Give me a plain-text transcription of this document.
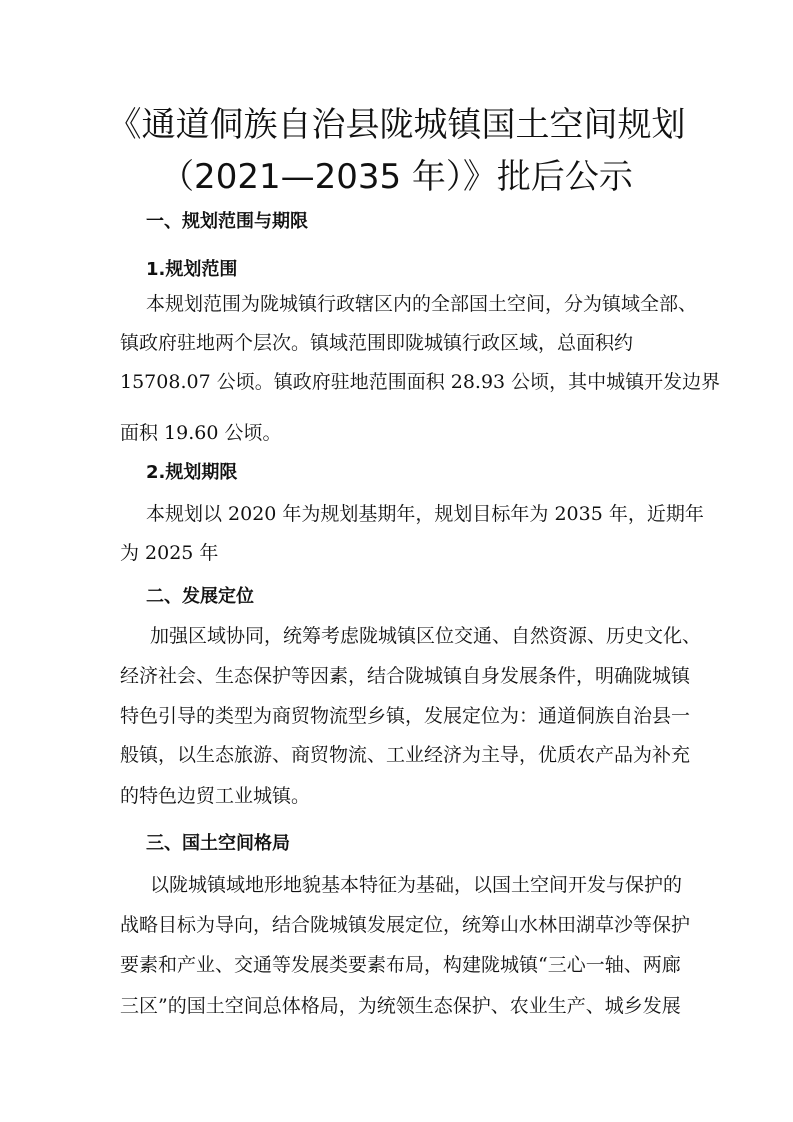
《通道侗族自治县陇城镇国土空间规划
（2021—2035 年）》批后公示
一、规划范围与期限
1.规划范围
本规划范围为陇城镇行政辖区内的全部国土空间，分为镇域全部、
镇政府驻地两个层次。镇域范围即陇城镇行政区域，总面积约
15708.07 公顷。镇政府驻地范围面积 28.93 公顷，其中城镇开发边界
面积 19.60 公顷。
2.规划期限
本规划以 2020 年为规划基期年，规划目标年为 2035 年，近期年
为 2025 年
二、发展定位
加强区域协同，统筹考虑陇城镇区位交通、自然资源、历史文化、
经济社会、生态保护等因素，结合陇城镇自身发展条件，明确陇城镇
特色引导的类型为商贸物流型乡镇，发展定位为：通道侗族自治县一
般镇，以生态旅游、商贸物流、工业经济为主导，优质农产品为补充
的特色边贸工业城镇。
三、国土空间格局
以陇城镇域地形地貌基本特征为基础，以国土空间开发与保护的
战略目标为导向，结合陇城镇发展定位，统筹山水林田湖草沙等保护
要素和产业、交通等发展类要素布局，构建陇城镇“三心一轴、两廊
三区”的国土空间总体格局，为统领生态保护、农业生产、城乡发展
